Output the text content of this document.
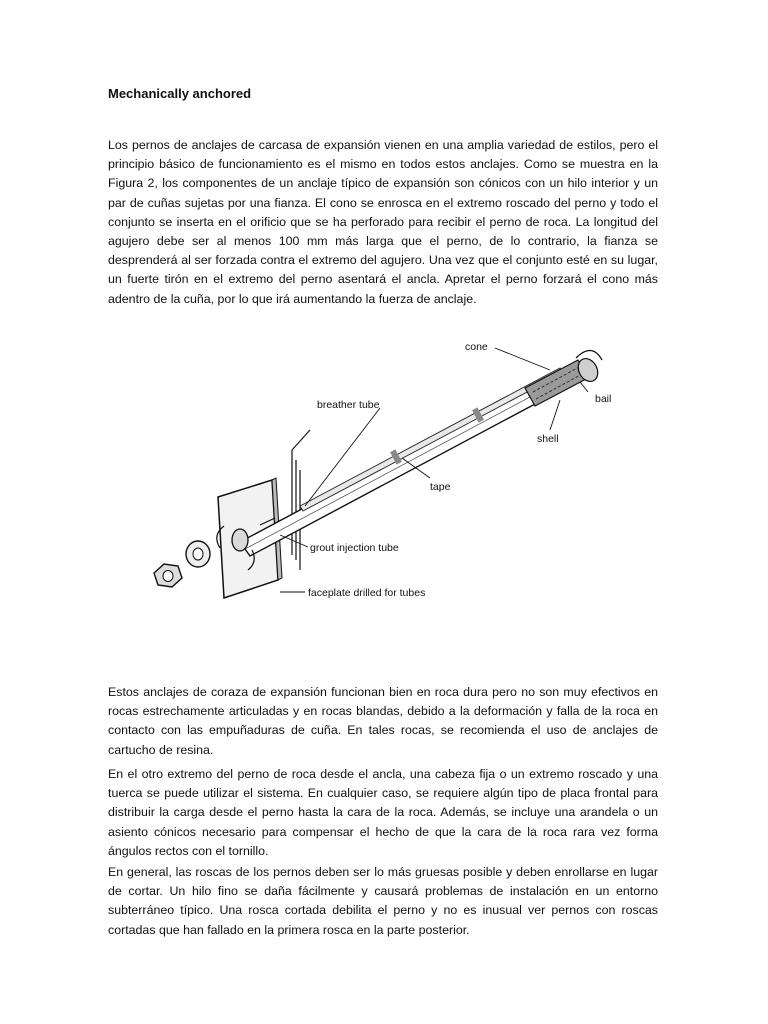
Mechanically anchored

Los pernos de anclajes de carcasa de expansión vienen en una amplia variedad de estilos, pero el principio básico de funcionamiento es el mismo en todos estos anclajes. Como se muestra en la Figura 2, los componentes de un anclaje típico de expansión son cónicos con un hilo interior y un par de cuñas sujetas por una fianza. El cono se enrosca en el extremo roscado del perno y todo el conjunto se inserta en el orificio que se ha perforado para recibir el perno de roca. La longitud del agujero debe ser al menos 100 mm más larga que el perno, de lo contrario, la fianza se desprenderá al ser forzada contra el extremo del agujero. Una vez que el conjunto esté en su lugar, un fuerte tirón en el extremo del perno asentará el ancla. Apretar el perno forzará el cono más adentro de la cuña, por lo que irá aumentando la fuerza de anclaje.

cone
bail
shell
breather tube
tape
grout injection tube
faceplate drilled for tubes

Estos anclajes de coraza de expansión funcionan bien en roca dura pero no son muy efectivos en rocas estrechamente articuladas y en rocas blandas, debido a la deformación y falla de la roca en contacto con las empuñaduras de cuña. En tales rocas, se recomienda el uso de anclajes de cartucho de resina.

En el otro extremo del perno de roca desde el ancla, una cabeza fija o un extremo roscado y una tuerca se puede utilizar el sistema. En cualquier caso, se requiere algún tipo de placa frontal para distribuir la carga desde el perno hasta la cara de la roca. Además, se incluye una arandela o un asiento cónicos necesario para compensar el hecho de que la cara de la roca rara vez forma ángulos rectos con el tornillo.

En general, las roscas de los pernos deben ser lo más gruesas posible y deben enrollarse en lugar de cortar. Un hilo fino se daña fácilmente y causará problemas de instalación en un entorno subterráneo típico. Una rosca cortada debilita el perno y no es inusual ver pernos con roscas cortadas que han fallado en la primera rosca en la parte posterior.
